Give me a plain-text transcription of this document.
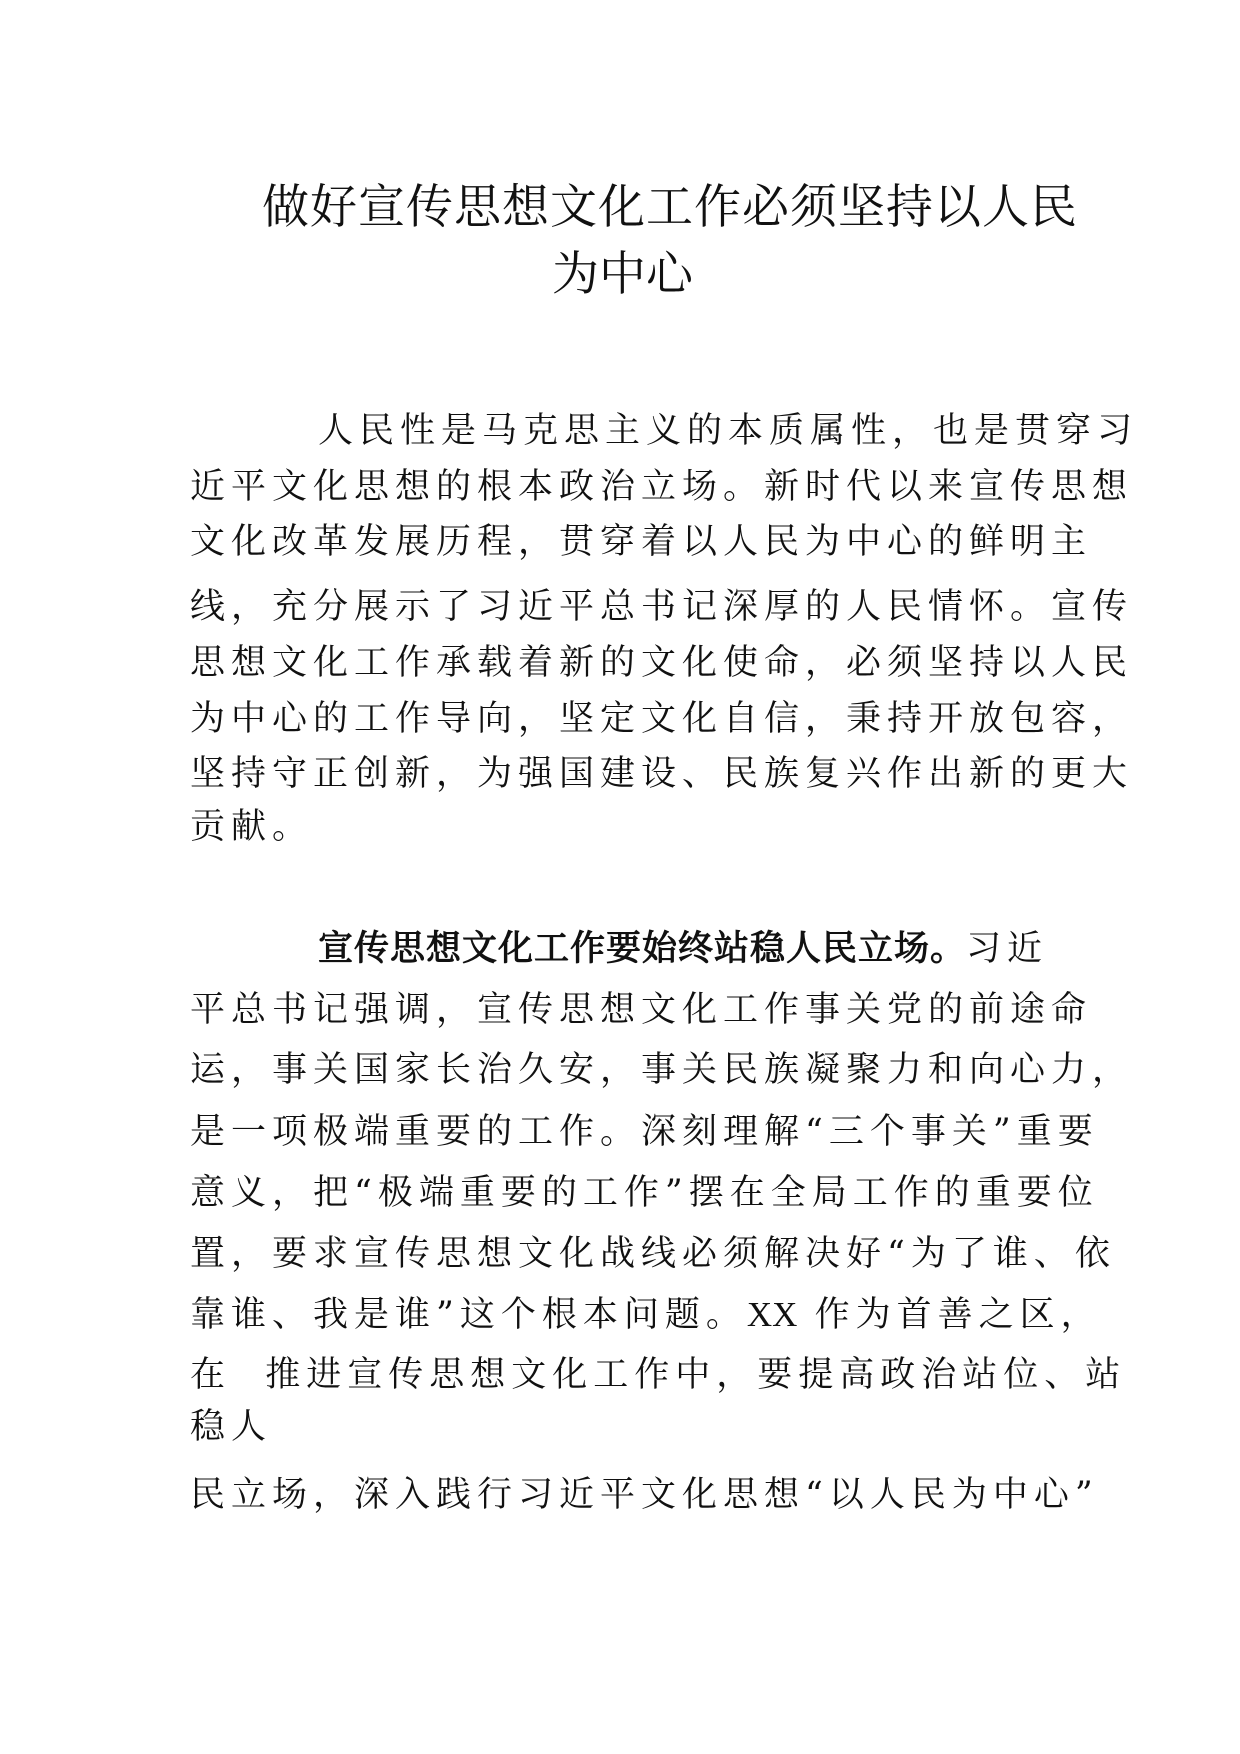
做好宣传思想文化工作必须坚持以人民
为中心
人民性是马克思主义的本质属性，也是贯穿习
近平文化思想的根本政治立场。新时代以来宣传思想
文化改革发展历程，贯穿着以人民为中心的鲜明主
线，充分展示了习近平总书记深厚的人民情怀。宣传
思想文化工作承载着新的文化使命，必须坚持以人民
为中心的工作导向，坚定文化自信，秉持开放包容，
坚持守正创新，为强国建设、民族复兴作出新的更大
贡献。
宣传思想文化工作要始终站稳人民立场。习近
平总书记强调，宣传思想文化工作事关党的前途命
运，事关国家长治久安，事关民族凝聚力和向心力，
是一项极端重要的工作。深刻理解“三个事关”重要
意义，把“极端重要的工作”摆在全局工作的重要位
置，要求宣传思想文化战线必须解决好“为了谁、依
靠谁、我是谁”这个根本问题。XX 作为首善之区，
在  推进宣传思想文化工作中，要提高政治站位、站
稳人
民立场，深入践行习近平文化思想“以人民为中心”
